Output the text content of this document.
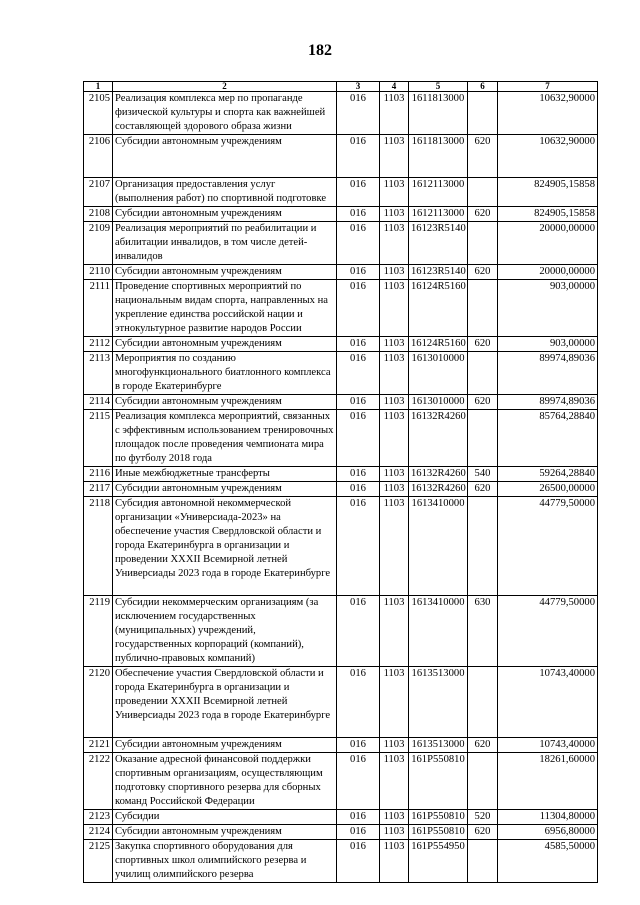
182
1	2	3	4	5	6	7
2105	Реализация комплекса мер по пропаганде физической культуры и спорта как важнейшей составляющей здорового образа жизни	016	1103	1611813000		10632,90000
2106	Субсидии автономным учреждениям	016	1103	1611813000	620	10632,90000
2107	Организация предоставления услуг (выполнения работ) по спортивной подготовке	016	1103	1612113000		824905,15858
2108	Субсидии автономным учреждениям	016	1103	1612113000	620	824905,15858
2109	Реализация мероприятий по реабилитации и абилитации инвалидов, в том числе детей-инвалидов	016	1103	16123R5140		20000,00000
2110	Субсидии автономным учреждениям	016	1103	16123R5140	620	20000,00000
2111	Проведение спортивных мероприятий по национальным видам спорта, направленных на укрепление единства российской нации и этнокультурное развитие народов России	016	1103	16124R5160		903,00000
2112	Субсидии автономным учреждениям	016	1103	16124R5160	620	903,00000
2113	Мероприятия по созданию многофункционального биатлонного комплекса в городе Екатеринбурге	016	1103	1613010000		89974,89036
2114	Субсидии автономным учреждениям	016	1103	1613010000	620	89974,89036
2115	Реализация комплекса мероприятий, связанных с эффективным использованием тренировочных площадок после проведения чемпионата мира по футболу 2018 года	016	1103	16132R4260		85764,28840
2116	Иные межбюджетные трансферты	016	1103	16132R4260	540	59264,28840
2117	Субсидии автономным учреждениям	016	1103	16132R4260	620	26500,00000
2118	Субсидия автономной некоммерческой организации «Универсиада-2023» на обеспечение участия Свердловской области и города Екатеринбурга в организации и проведении XXXII Всемирной летней Универсиады 2023 года в городе Екатеринбурге	016	1103	1613410000		44779,50000
2119	Субсидии некоммерческим организациям (за исключением государственных (муниципальных) учреждений, государственных корпораций (компаний), публично-правовых компаний)	016	1103	1613410000	630	44779,50000
2120	Обеспечение участия Свердловской области и города Екатеринбурга в организации и проведении XXXII Всемирной летней Универсиады 2023 года в городе Екатеринбурге	016	1103	1613513000		10743,40000
2121	Субсидии автономным учреждениям	016	1103	1613513000	620	10743,40000
2122	Оказание адресной финансовой поддержки спортивным организациям, осуществляющим подготовку спортивного резерва для сборных команд Российской Федерации	016	1103	161P550810		18261,60000
2123	Субсидии	016	1103	161P550810	520	11304,80000
2124	Субсидии автономным учреждениям	016	1103	161P550810	620	6956,80000
2125	Закупка спортивного оборудования для спортивных школ олимпийского резерва и училищ олимпийского резерва	016	1103	161P554950		4585,50000
